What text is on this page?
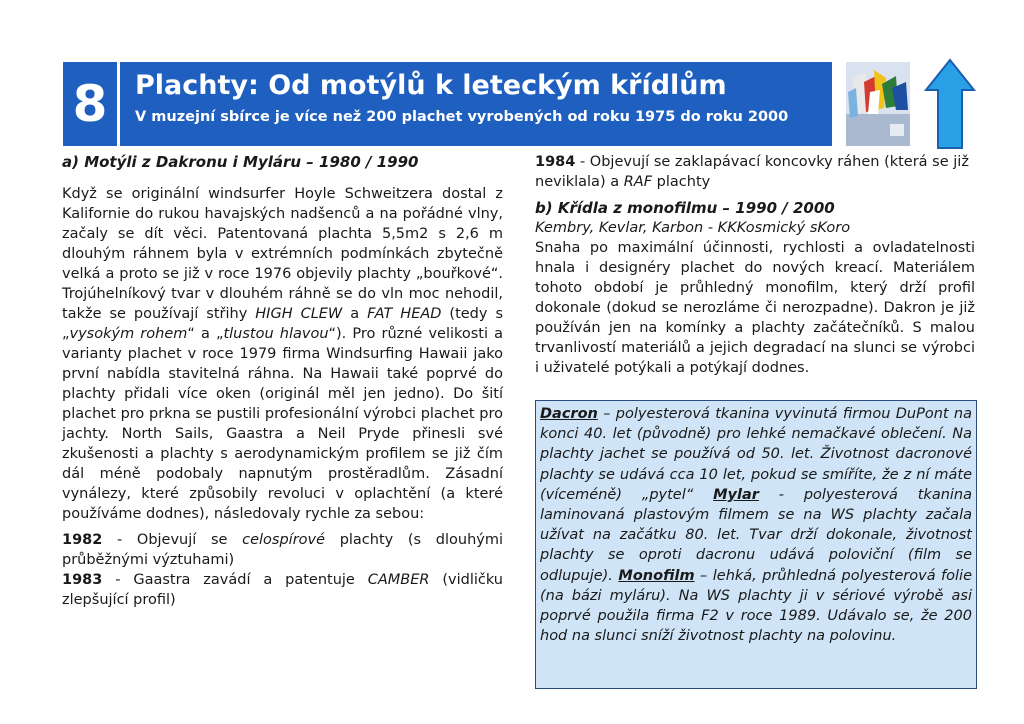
8	Plachty: Od motýlů k leteckým křídlům
V muzejní sbírce je více než 200 plachet vyrobených od roku 1975 do roku 2000

a) Motýli z Dakronu i Myláru – 1980 / 1990

Když se originální windsurfer Hoyle Schweitzera dostal z Kalifornie do rukou havajských nadšenců a na pořádné vlny, začaly se dít věci. Patentovaná plachta 5,5m2 s 2,6 m dlouhým ráhnem byla v extrémních podmínkách zbytečně velká a proto se již v roce 1976 objevily plachty „bouřkové“. Trojúhelníkový tvar v dlouhém ráhně se do vln moc nehodil, takže se používají střihy HIGH CLEW a FAT HEAD (tedy s „vysokým rohem“ a „tlustou hlavou“). Pro různé velikosti a varianty plachet v roce 1979 firma Windsurfing Hawaii jako první nabídla stavitelná ráhna. Na Hawaii také poprvé do plachty přidali více oken (originál měl jen jedno). Do šití plachet pro prkna se pustili profesionální výrobci plachet pro jachty. North Sails, Gaastra a Neil Pryde přinesli své zkušenosti a plachty s aerodynamickým profilem se již čím dál méně podobaly napnutým prostěradlům. Zásadní vynálezy, které způsobily revoluci v oplachtění (a které používáme dodnes), následovaly rychle za sebou:

1982 - Objevují se celospírové plachty (s dlouhými průběžnými výztuhami)

1983 - Gaastra zavádí a patentuje CAMBER (vidličku zlepšující profil)

1984 - Objevují se zaklapávací koncovky ráhen (která se již neviklala) a RAF plachty

b) Křídla z monofilmu – 1990 / 2000

Kembry, Kevlar, Karbon - KKKosmický sKoro

Snaha po maximální účinnosti, rychlosti a ovladatelnosti hnala i designéry plachet do nových kreací. Materiálem tohoto období je průhledný monofilm, který drží profil dokonale (dokud se nerozláme či nerozpadne). Dakron je již používán jen na komínky a plachty začátečníků. S malou trvanlivostí materiálů a jejich degradací na slunci se výrobci i uživatelé potýkali a potýkají dodnes.

Dacron – polyesterová tkanina vyvinutá firmou DuPont na konci 40. let (původně) pro lehké nemačkavé oblečení. Na plachty jachet se používá od 50. let. Životnost dacronové plachty se udává cca 10 let, pokud se smíříte, že z ní máte (víceméně) „pytel“ Mylar - polyesterová tkanina laminovaná plastovým filmem se na WS plachty začala užívat na začátku 80. let. Tvar drží dokonale, životnost plachty se oproti dacronu udává poloviční (film se odlupuje). Monofilm – lehká, průhledná polyesterová folie (na bázi myláru). Na WS plachty ji v sériové výrobě asi poprvé použila firma F2 v roce 1989. Udávalo se, že 200 hod na slunci sníží životnost plachty na polovinu.
